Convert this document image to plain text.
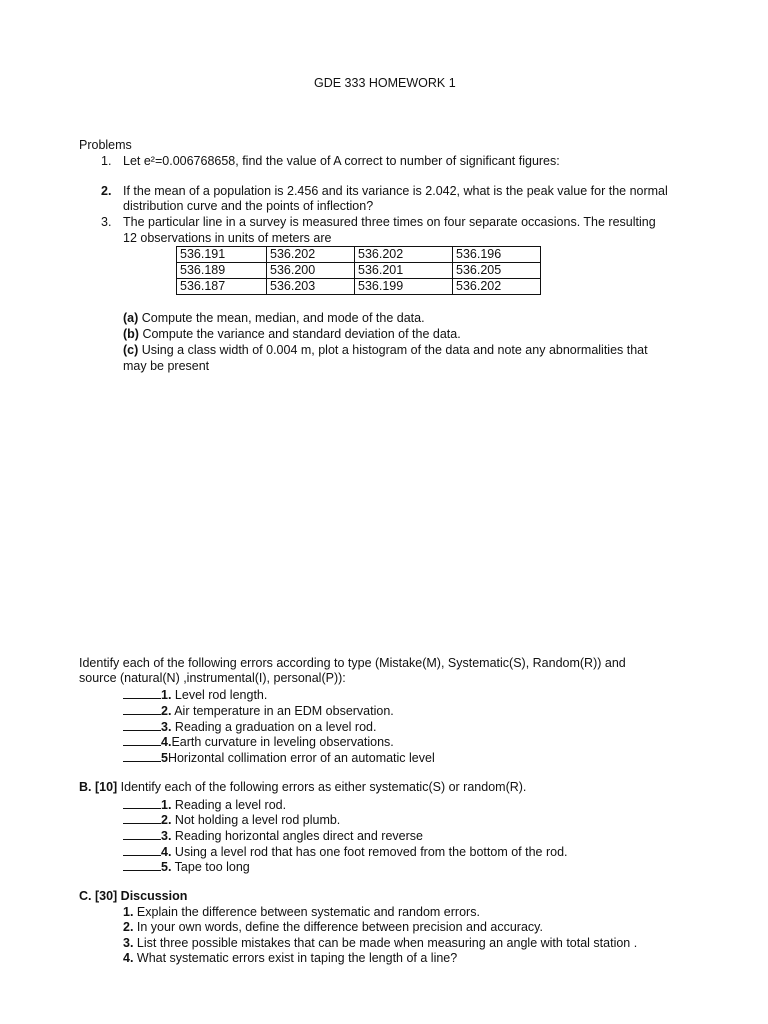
GDE 333 HOMEWORK 1
Problems
1. Let e²=0.006768658, find the value of A correct to number of significant figures:
2. If the mean of a population is 2.456 and its variance is 2.042, what is the peak value for the normal
distribution curve and the points of inflection?
3. The particular line in a survey is measured three times on four separate occasions. The resulting
12 observations in units of meters are
536.191	536.202	536.202	536.196
536.189	536.200	536.201	536.205
536.187	536.203	536.199	536.202
(a) Compute the mean, median, and mode of the data.
(b) Compute the variance and standard deviation of the data.
(c) Using a class width of 0.004 m, plot a histogram of the data and note any abnormalities that
may be present
Identify each of the following errors according to type (Mistake(M), Systematic(S), Random(R)) and
source (natural(N) ,instrumental(I), personal(P)):
1. Level rod length.
2. Air temperature in an EDM observation.
3. Reading a graduation on a level rod.
4.Earth curvature in leveling observations.
5Horizontal collimation error of an automatic level
B. [10] Identify each of the following errors as either systematic(S) or random(R).
1. Reading a level rod.
2. Not holding a level rod plumb.
3. Reading horizontal angles direct and reverse
4. Using a level rod that has one foot removed from the bottom of the rod.
5. Tape too long
C. [30] Discussion
1. Explain the difference between systematic and random errors.
2. In your own words, define the difference between precision and accuracy.
3. List three possible mistakes that can be made when measuring an angle with total station .
4. What systematic errors exist in taping the length of a line?
